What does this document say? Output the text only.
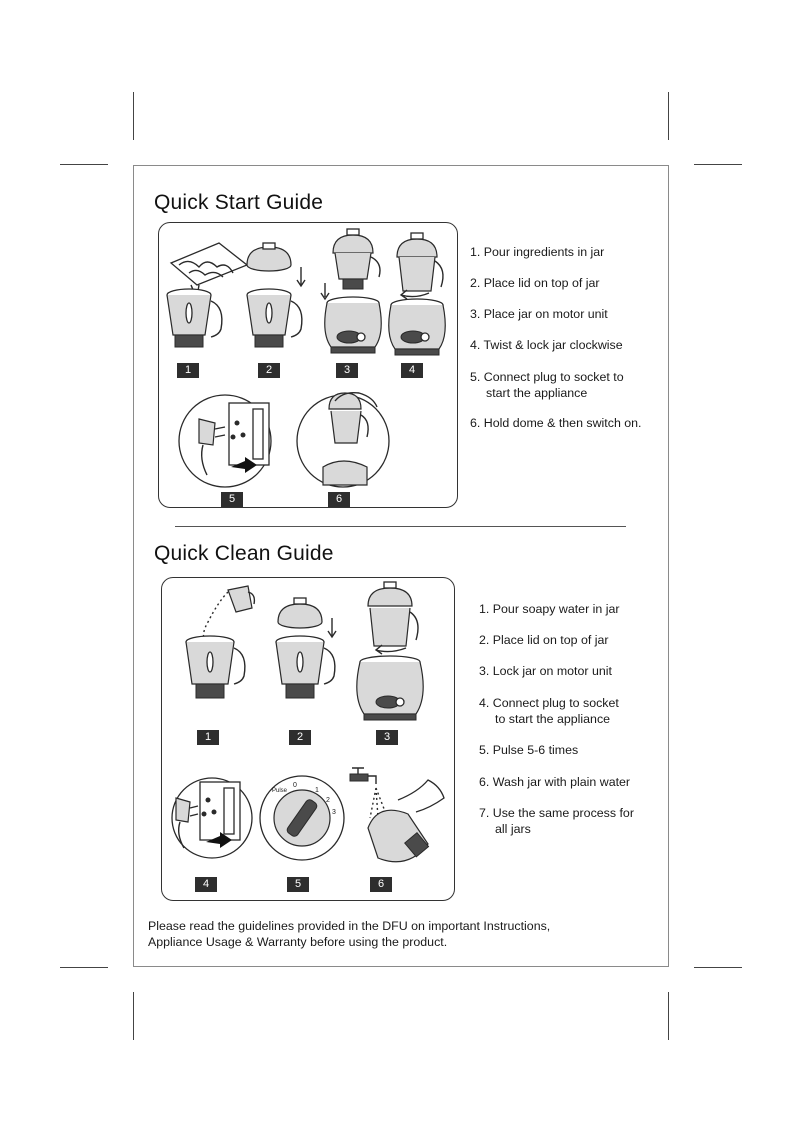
Quick Start Guide
1	2	3	4
5	6
1. Pour ingredients in jar
2. Place lid on top of jar
3. Place jar on motor unit
4. Twist & lock jar clockwise
5. Connect plug to socket to
start the appliance
6. Hold dome & then switch on.
Quick Clean Guide
Pulse
0
1
2
3
1	2	3
4	5	6
1. Pour soapy water in jar
2. Place lid on top of jar
3. Lock jar on motor unit
4. Connect plug to socket
to start the appliance
5. Pulse 5-6 times
6. Wash jar with plain water
7. Use the same process for
all jars
Please read the guidelines provided in the DFU on important Instructions,
Appliance Usage & Warranty before using the product.
